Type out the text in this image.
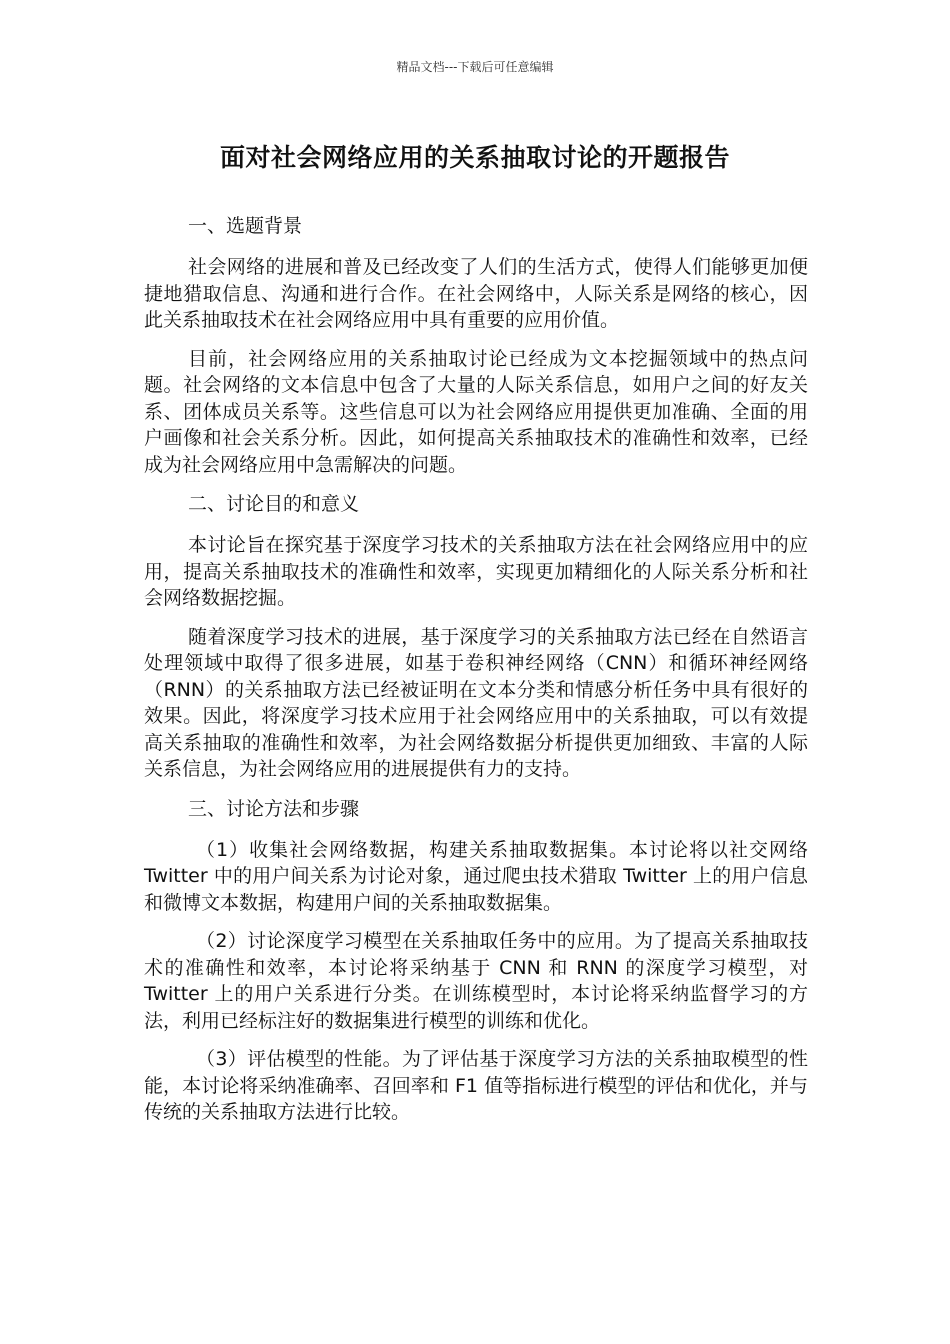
精品文档---下载后可任意编辑
面对社会网络应用的关系抽取讨论的开题报告
一、选题背景

社会网络的进展和普及已经改变了人们的生活方式，使得人们能够更加便捷地猎取信息、沟通和进行合作。在社会网络中，人际关系是网络的核心，因此关系抽取技术在社会网络应用中具有重要的应用价值。

目前，社会网络应用的关系抽取讨论已经成为文本挖掘领域中的热点问题。社会网络的文本信息中包含了大量的人际关系信息，如用户之间的好友关系、团体成员关系等。这些信息可以为社会网络应用提供更加准确、全面的用户画像和社会关系分析。因此，如何提高关系抽取技术的准确性和效率，已经成为社会网络应用中急需解决的问题。

二、讨论目的和意义

本讨论旨在探究基于深度学习技术的关系抽取方法在社会网络应用中的应用，提高关系抽取技术的准确性和效率，实现更加精细化的人际关系分析和社会网络数据挖掘。

随着深度学习技术的进展，基于深度学习的关系抽取方法已经在自然语言处理领域中取得了很多进展，如基于卷积神经网络（CNN）和循环神经网络（RNN）的关系抽取方法已经被证明在文本分类和情感分析任务中具有很好的效果。因此，将深度学习技术应用于社会网络应用中的关系抽取，可以有效提高关系抽取的准确性和效率，为社会网络数据分析提供更加细致、丰富的人际关系信息，为社会网络应用的进展提供有力的支持。

三、讨论方法和步骤

（1）收集社会网络数据，构建关系抽取数据集。本讨论将以社交网络 Twitter 中的用户间关系为讨论对象，通过爬虫技术猎取 Twitter 上的用户信息和微博文本数据，构建用户间的关系抽取数据集。

（2）讨论深度学习模型在关系抽取任务中的应用。为了提高关系抽取技术的准确性和效率，本讨论将采纳基于 CNN 和 RNN 的深度学习模型，对 Twitter 上的用户关系进行分类。在训练模型时，本讨论将采纳监督学习的方法，利用已经标注好的数据集进行模型的训练和优化。

（3）评估模型的性能。为了评估基于深度学习方法的关系抽取模型的性能，本讨论将采纳准确率、召回率和 F1 值等指标进行模型的评估和优化，并与传统的关系抽取方法进行比较。
